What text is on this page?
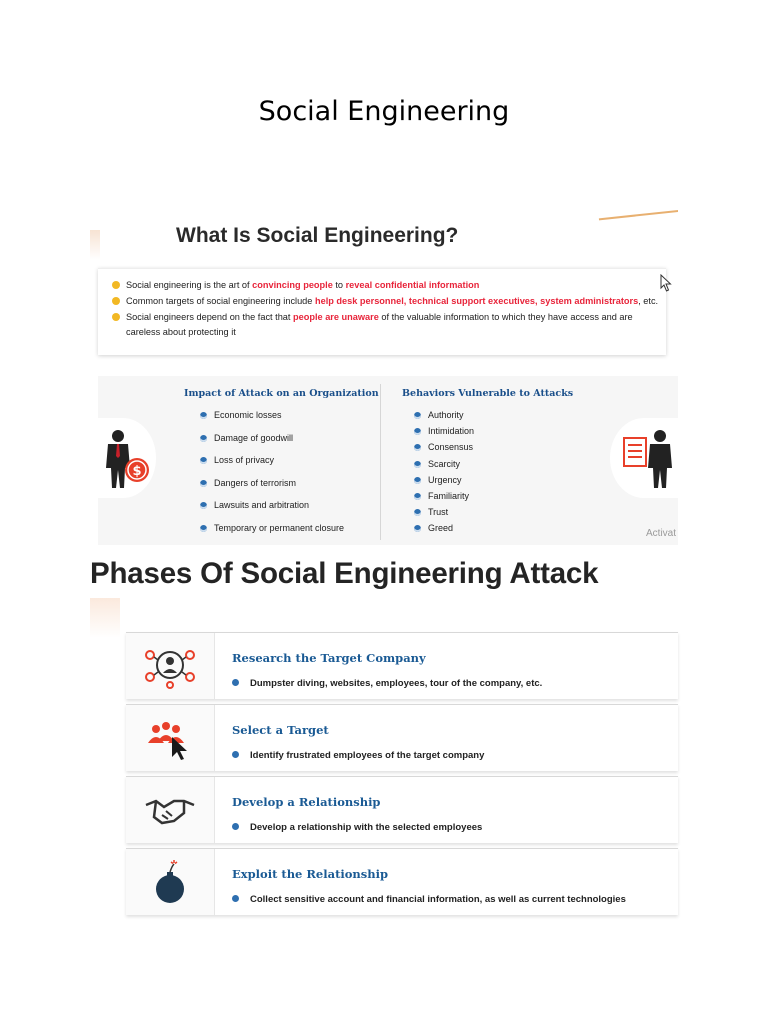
Social Engineering
What Is Social Engineering?
Social engineering is the art of convincing people to reveal confidential information
Common targets of social engineering include help desk personnel, technical support executives, system administrators, etc.
Social engineers depend on the fact that people are unaware of the valuable information to which they have access and are careless about protecting it
$
Impact of Attack on an Organization
Economic losses
Damage of goodwill
Loss of privacy
Dangers of terrorism
Lawsuits and arbitration
Temporary or permanent closure
Behaviors Vulnerable to Attacks
Authority
Intimidation
Consensus
Scarcity
Urgency
Familiarity
Trust
Greed	Activat
Phases Of Social Engineering Attack
Research the Target Company
Dumpster diving, websites, employees, tour of the company, etc.
Select a Target
Identify frustrated employees of the target company
Develop a Relationship
Develop a relationship with the selected employees
Exploit the Relationship
Collect sensitive account and financial information, as well as current technologies
